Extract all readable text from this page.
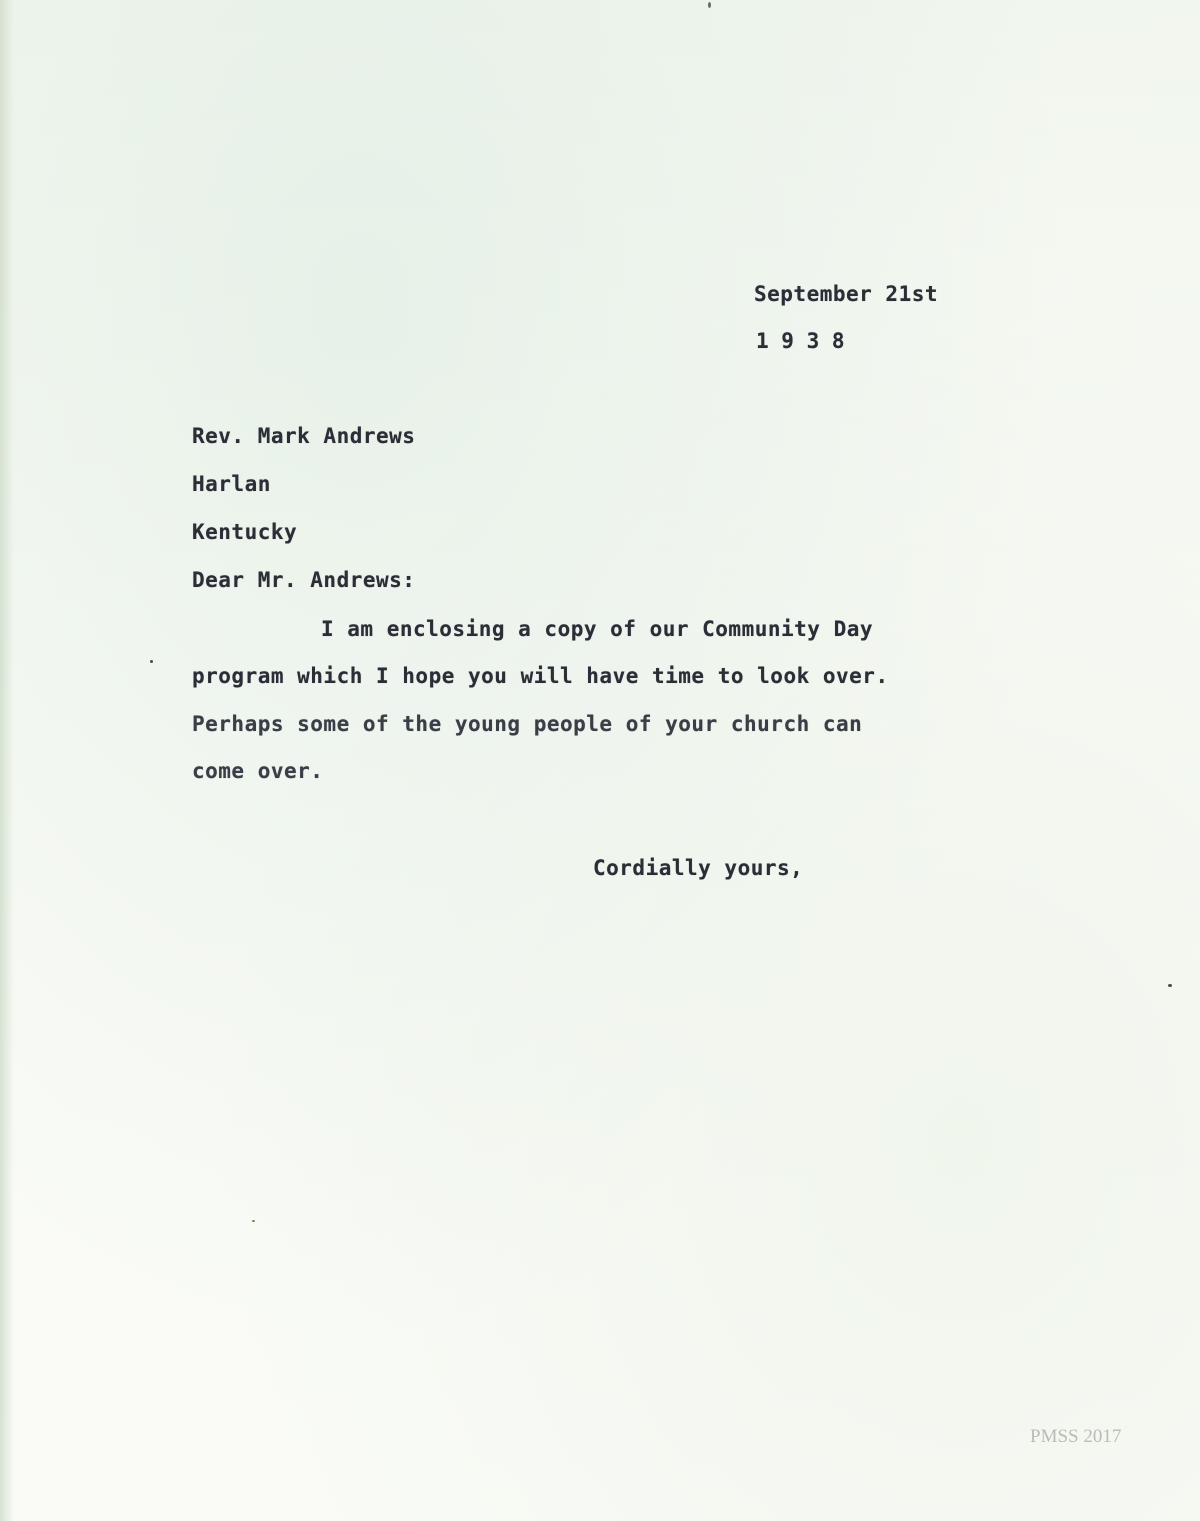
September 21st

1 9 3 8

Rev. Mark Andrews

Harlan

Kentucky

Dear Mr. Andrews:

I am enclosing a copy of our Community Day

program which I hope you will have time to look over.

Perhaps some of the young people of your church can

come over.

Cordially yours,

PMSS 2017
